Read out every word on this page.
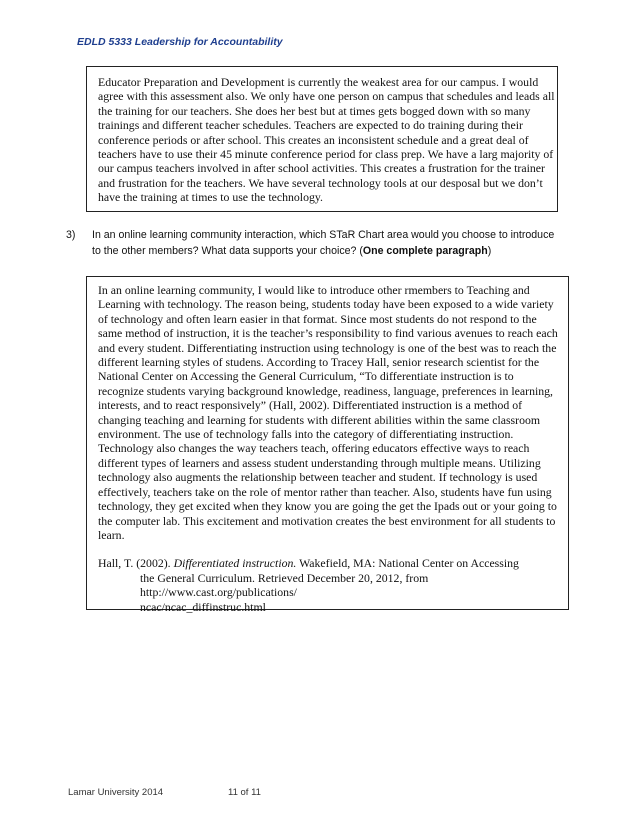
EDLD 5333 Leadership for Accountability

Educator Preparation and Development is currently the weakest area for our campus. I would agree with this assessment also. We only have one person on campus that schedules and leads all the training for our teachers. She does her best but at times gets bogged down with so many trainings and different teacher schedules. Teachers are expected to do training during their conference periods or after school. This creates an inconsistent schedule and a great deal of teachers have to use their 45 minute conference period for class prep. We have a larg majority of our campus teachers involved in after school activities. This creates a frustration for the trainer and frustration for the teachers. We have several technology tools at our desposal but we don’t have the training at times to use the technology.

3) In an online learning community interaction, which STaR Chart area would you choose to introduce to the other members? What data supports your choice? (One complete paragraph)

In an online learning community, I would like to introduce other rmembers to Teaching and Learning with technology. The reason being, students today have been exposed to a wide variety of technology and often learn easier in that format. Since most students do not respond to the same method of instruction, it is the teacher’s responsibility to find various avenues to reach each and every student. Differentiating instruction using technology is one of the best was to reach the different learning styles of studens. According to Tracey Hall, senior research scientist for the National Center on Accessing the General Curriculum, “To differentiate instruction is to recognize students varying background knowledge, readiness, language, preferences in learning, interests, and to react responsively” (Hall, 2002). Differentiated instruction is a method of changing teaching and learning for students with different abilities within the same classroom environment. The use of technology falls into the category of differentiating instruction. Technology also changes the way teachers teach, offering educators effective ways to reach different types of learners and assess student understanding through multiple means. Utilizing technology also augments the relationship between teacher and student. If technology is used effectively, teachers take on the role of mentor rather than teacher. Also, students have fun using technology, they get excited when they know you are going the get the Ipads out or your going to the computer lab. This excitement and motivation creates the best environment for all students to learn.

Hall, T. (2002). Differentiated instruction. Wakefield, MA: National Center on Accessing
the General Curriculum. Retrieved December 20, 2012, from
http://www.cast.org/publications/
ncac/ncac_diffinstruc.html
Lamar University 2014	11 of 11
